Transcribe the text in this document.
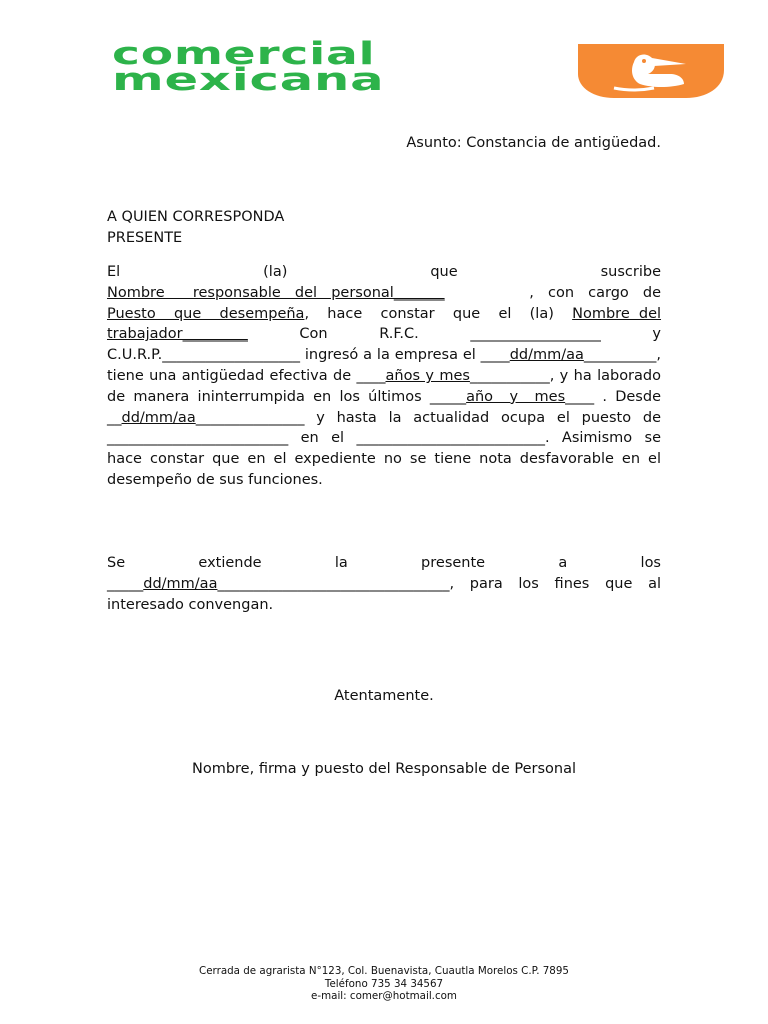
comercial
mexicana
Asunto: Constancia de antigüedad.
A QUIEN CORRESPONDA
PRESENTE
El (la) que suscribe Nombre  responsable del personal_______      , con cargo de Puesto  que  desempeña,  hace  constar  que  el  (la)  Nombre del trabajador_________	Con R.F.C. __________________ y C.U.R.P.___________________ ingresó a la empresa el ____dd/mm/aa__________, tiene una antigüedad efectiva de ____años y mes___________, y ha laborado de manera ininterrumpida en los últimos _____año  y  mes____ . Desde __dd/mm/aa_______________ y hasta la actualidad ocupa el puesto de _________________________ en el __________________________. Asimismo se hace constar que en el expediente no se tiene nota desfavorable en el desempeño de sus funciones.
Se extiende la presente a los
_____dd/mm/aa________________________________, para los fines que al interesado convengan.
Atentamente.
Nombre, firma y puesto del Responsable de Personal
Cerrada de agrarista N°123, Col. Buenavista, Cuautla Morelos C.P. 7895
Teléfono 735 34 34567
e-mail: comer@hotmail.com
